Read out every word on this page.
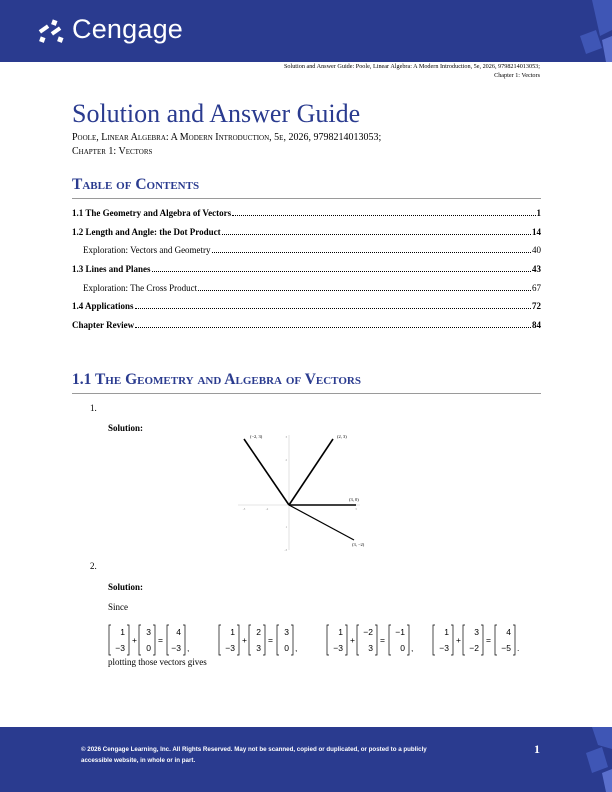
Cengage
Solution and Answer Guide: Poole, Linear Algebra: A Modern Introduction, 5e, 2026, 9798214013053;
Chapter 1: Vectors
Solution and Answer Guide
Poole, Linear Algebra: A Modern Introduction, 5e, 2026, 9798214013053;
Chapter 1: Vectors
Table of Contents
1.1 The Geometry and Algebra of Vectors	1
1.2 Length and Angle: the Dot Product	14
Exploration: Vectors and Geometry	40
1.3 Lines and Planes	43
Exploration: The Cross Product	67
1.4 Applications	72
Chapter Review	84
1.1 The Geometry and Algebra of Vectors
1.
Solution:
3
2
1
-3
-3	-2	3
(−2, 3)	(2, 3)
(3, 0)
(3, −2)
2.
Solution:
Since
1
−3
+
3
0
=
4
−3 ,
1
−3
+
2
3
=
3
0 ,
1
−3
+
−2
3
=
−1
0 ,
1
−3
+
3
−2
=
4
−5 .
plotting those vectors gives
© 2026 Cengage Learning, Inc. All Rights Reserved. May not be scanned, copied or duplicated, or posted to a publicly
accessible website, in whole or in part.
1
